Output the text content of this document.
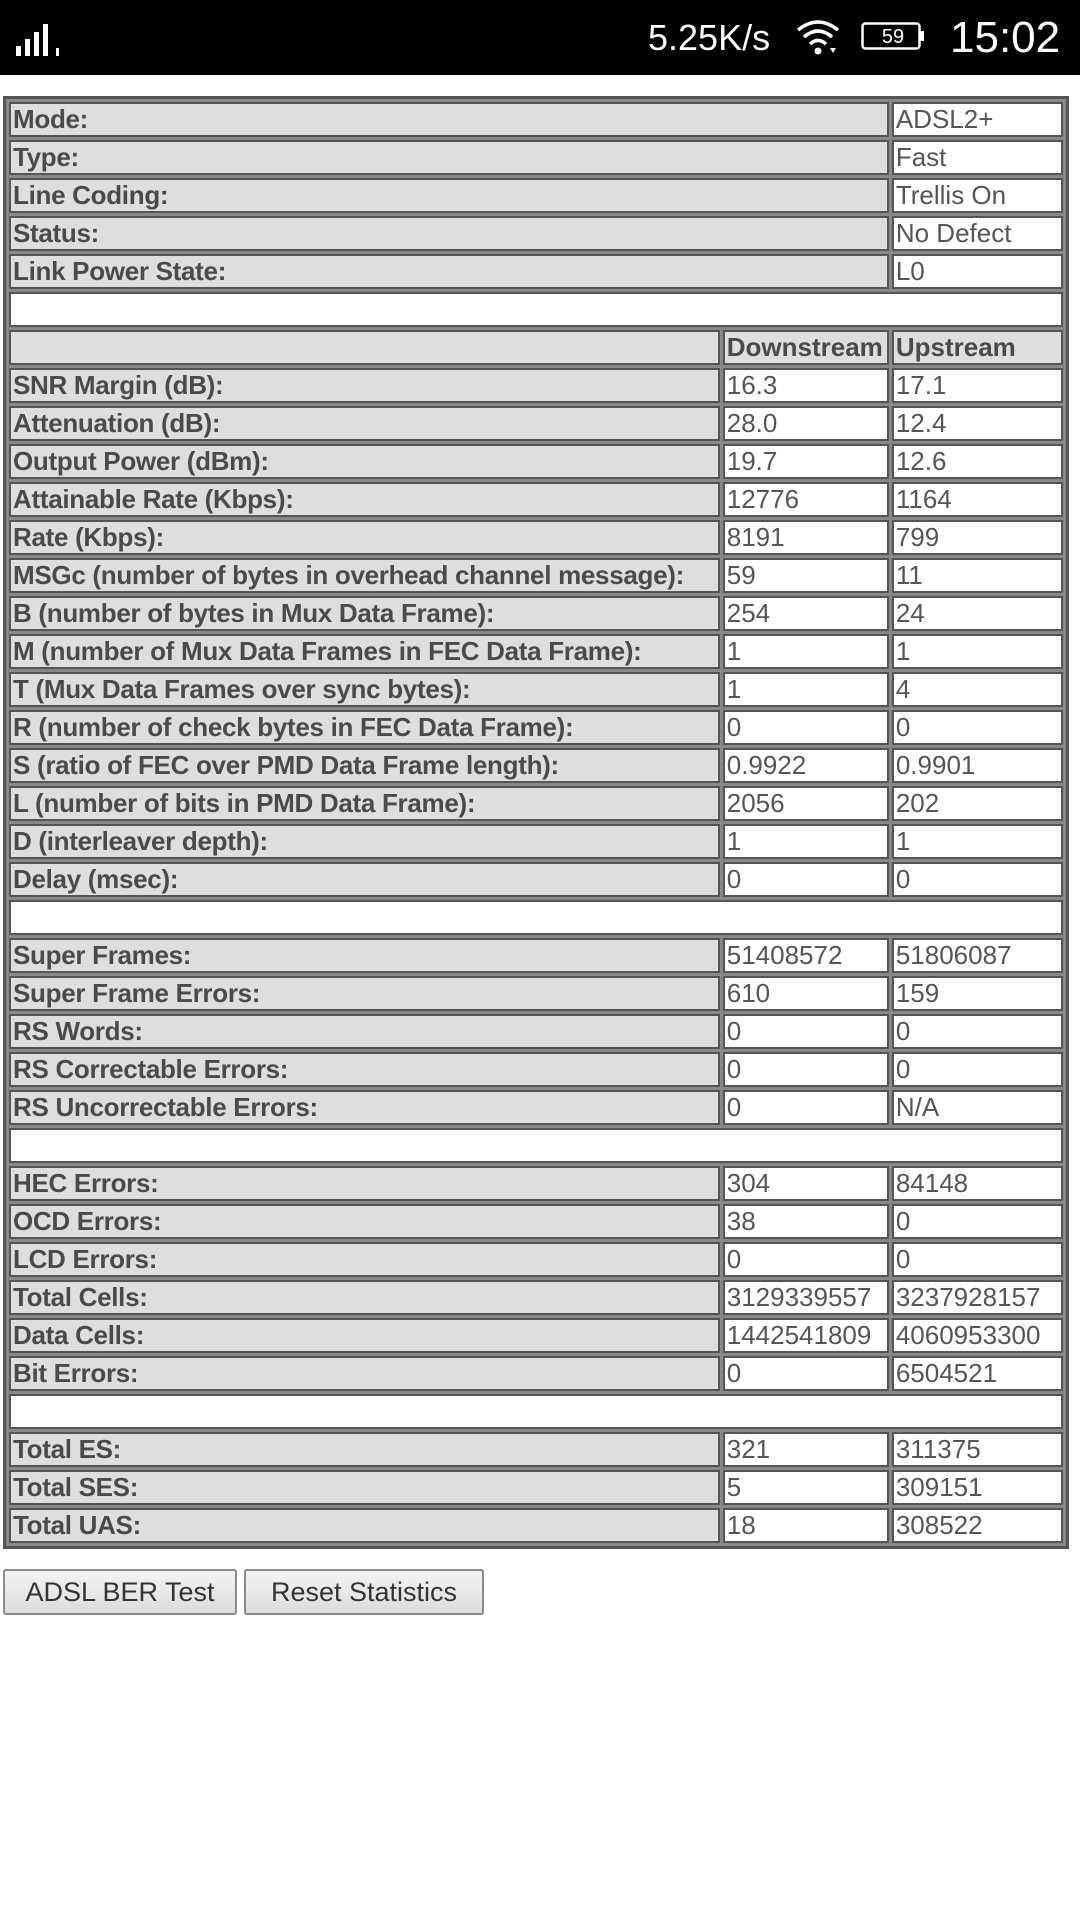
5.25K/s	59	15:02
Mode:		ADSL2+
Type:		Fast
Line Coding:		Trellis On
Status:		No Defect
Link Power State:		L0

	Downstream	Upstream
SNR Margin (dB):	16.3	17.1
Attenuation (dB):	28.0	12.4
Output Power (dBm):	19.7	12.6
Attainable Rate (Kbps):	12776	1164
Rate (Kbps):	8191	799
MSGc (number of bytes in overhead channel message):	59	11
B (number of bytes in Mux Data Frame):	254	24
M (number of Mux Data Frames in FEC Data Frame):	1	1
T (Mux Data Frames over sync bytes):	1	4
R (number of check bytes in FEC Data Frame):	0	0
S (ratio of FEC over PMD Data Frame length):	0.9922	0.9901
L (number of bits in PMD Data Frame):	2056	202
D (interleaver depth):	1	1
Delay (msec):	0	0

Super Frames:	51408572	51806087
Super Frame Errors:	610	159
RS Words:	0	0
RS Correctable Errors:	0	0
RS Uncorrectable Errors:	0	N/A

HEC Errors:	304	84148
OCD Errors:	38	0
LCD Errors:	0	0
Total Cells:	3129339557	3237928157
Data Cells:	1442541809	4060953300
Bit Errors:	0	6504521

Total ES:	321	311375
Total SES:	5	309151
Total UAS:	18	308522
ADSL BER Test	Reset Statistics
